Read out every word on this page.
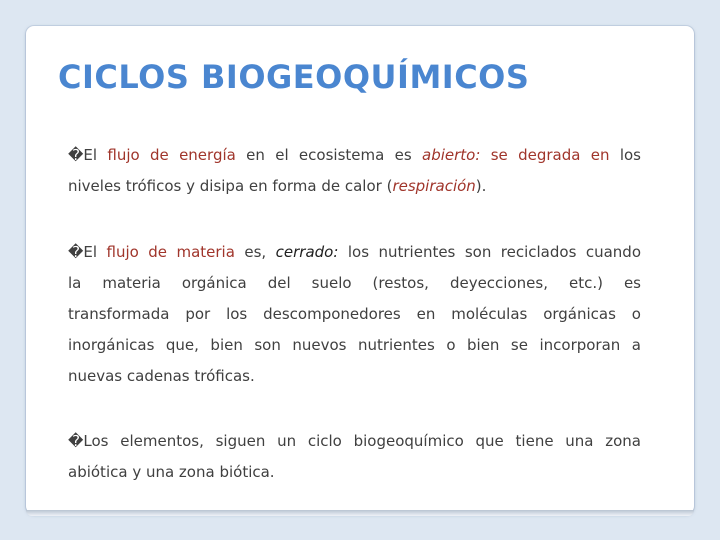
CICLOS BIOGEOQUÍMICOS

�El flujo de energía en el ecosistema es abierto: se degrada en los
niveles tróficos y disipa en forma de calor (respiración).

�El flujo de materia es, cerrado: los nutrientes son reciclados cuando
la materia orgánica del suelo (restos, deyecciones, etc.) es
transformada por los descomponedores en moléculas orgánicas o
inorgánicas que, bien son nuevos nutrientes o bien se incorporan a
nuevas cadenas tróficas.

�Los elementos, siguen un ciclo biogeoquímico que tiene una zona
abiótica y una zona biótica.
